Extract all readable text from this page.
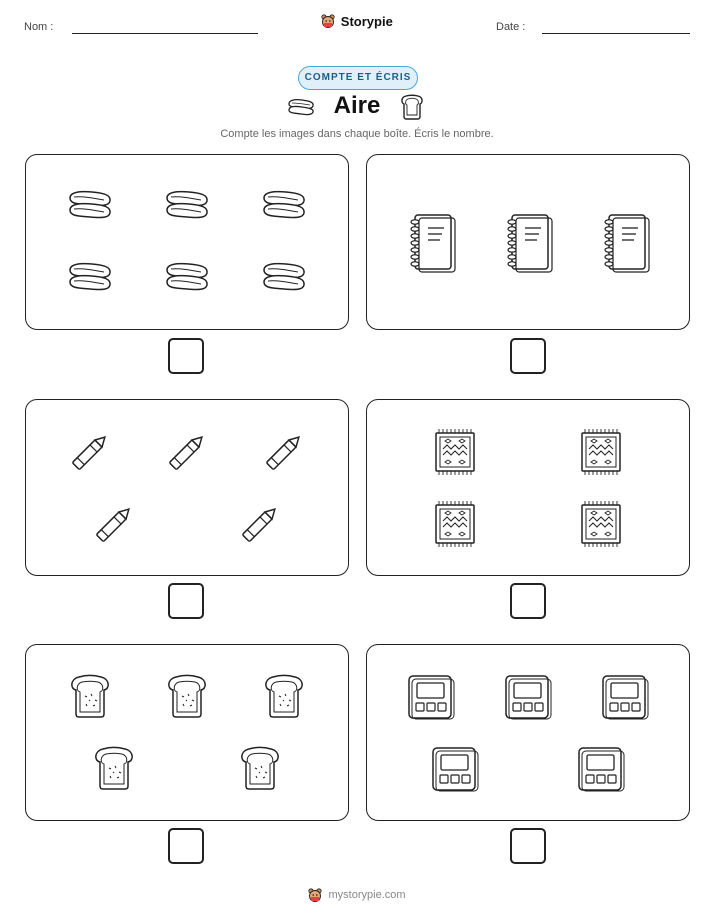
Nom :	Storypie	Date :
COMPTE ET ÉCRIS
Aire
Compte les images dans chaque boîte. Écris le nombre.
mystorypie.com
